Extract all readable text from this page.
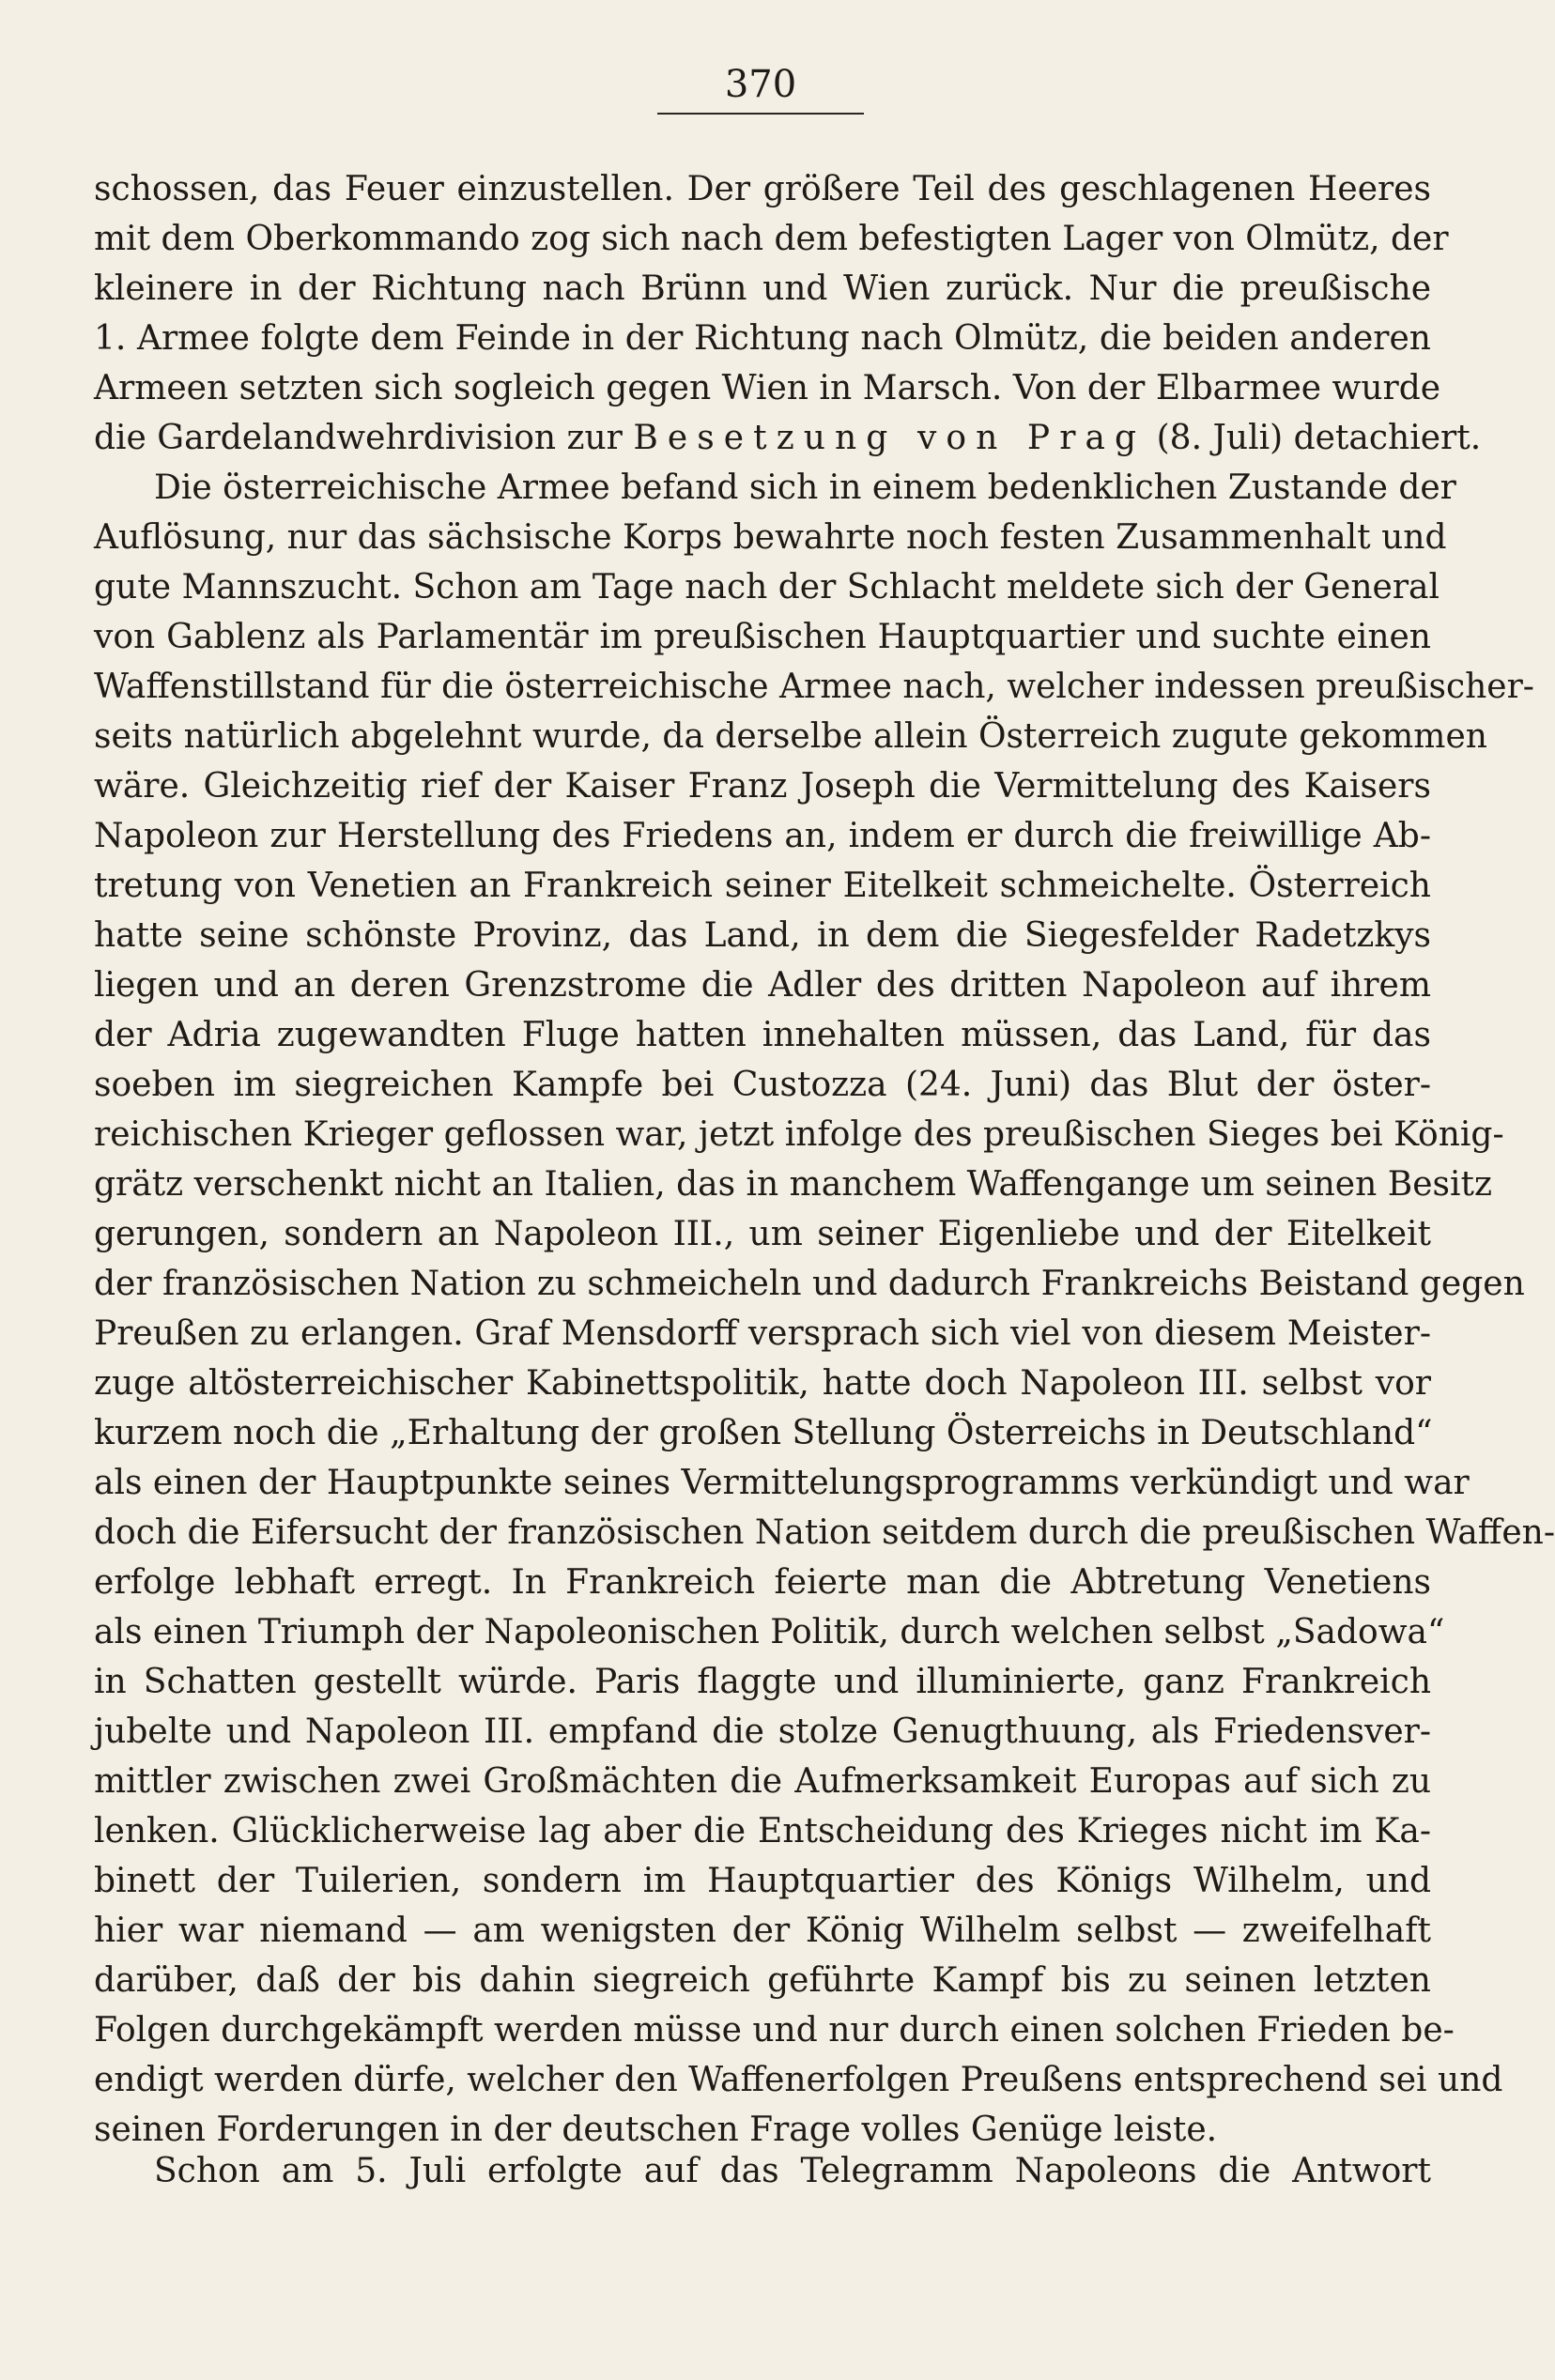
370
schossen, das Feuer einzustellen. Der größere Teil des geschlagenen Heeres
mit dem Oberkommando zog sich nach dem befestigten Lager von Olmütz, der
kleinere in der Richtung nach Brünn und Wien zurück. Nur die preußische
1. Armee folgte dem Feinde in der Richtung nach Olmütz, die beiden anderen
Armeen setzten sich sogleich gegen Wien in Marsch. Von der Elbarmee wurde
die Gardelandwehrdivision zur Besetzung von Prag (8. Juli) detachiert.
Die österreichische Armee befand sich in einem bedenklichen Zustande der
Auflösung, nur das sächsische Korps bewahrte noch festen Zusammenhalt und
gute Mannszucht. Schon am Tage nach der Schlacht meldete sich der General
von Gablenz als Parlamentär im preußischen Hauptquartier und suchte einen
Waffenstillstand für die österreichische Armee nach, welcher indessen preußischer-
seits natürlich abgelehnt wurde, da derselbe allein Österreich zugute gekommen
wäre. Gleichzeitig rief der Kaiser Franz Joseph die Vermittelung des Kaisers
Napoleon zur Herstellung des Friedens an, indem er durch die freiwillige Ab-
tretung von Venetien an Frankreich seiner Eitelkeit schmeichelte. Österreich
hatte seine schönste Provinz, das Land, in dem die Siegesfelder Radetzkys
liegen und an deren Grenzstrome die Adler des dritten Napoleon auf ihrem
der Adria zugewandten Fluge hatten innehalten müssen, das Land, für das
soeben im siegreichen Kampfe bei Custozza (24. Juni) das Blut der öster-
reichischen Krieger geflossen war, jetzt infolge des preußischen Sieges bei König-
grätz verschenkt nicht an Italien, das in manchem Waffengange um seinen Besitz
gerungen, sondern an Napoleon III., um seiner Eigenliebe und der Eitelkeit
der französischen Nation zu schmeicheln und dadurch Frankreichs Beistand gegen
Preußen zu erlangen. Graf Mensdorff versprach sich viel von diesem Meister-
zuge altösterreichischer Kabinettspolitik, hatte doch Napoleon III. selbst vor
kurzem noch die „Erhaltung der großen Stellung Österreichs in Deutschland“
als einen der Hauptpunkte seines Vermittelungsprogramms verkündigt und war
doch die Eifersucht der französischen Nation seitdem durch die preußischen Waffen-
erfolge lebhaft erregt. In Frankreich feierte man die Abtretung Venetiens
als einen Triumph der Napoleonischen Politik, durch welchen selbst „Sadowa“
in Schatten gestellt würde. Paris flaggte und illuminierte, ganz Frankreich
jubelte und Napoleon III. empfand die stolze Genugthuung, als Friedensver-
mittler zwischen zwei Großmächten die Aufmerksamkeit Europas auf sich zu
lenken. Glücklicherweise lag aber die Entscheidung des Krieges nicht im Ka-
binett der Tuilerien, sondern im Hauptquartier des Königs Wilhelm, und
hier war niemand — am wenigsten der König Wilhelm selbst — zweifelhaft
darüber, daß der bis dahin siegreich geführte Kampf bis zu seinen letzten
Folgen durchgekämpft werden müsse und nur durch einen solchen Frieden be-
endigt werden dürfe, welcher den Waffenerfolgen Preußens entsprechend sei und
seinen Forderungen in der deutschen Frage volles Genüge leiste.
Schon am 5. Juli erfolgte auf das Telegramm Napoleons die Antwort
